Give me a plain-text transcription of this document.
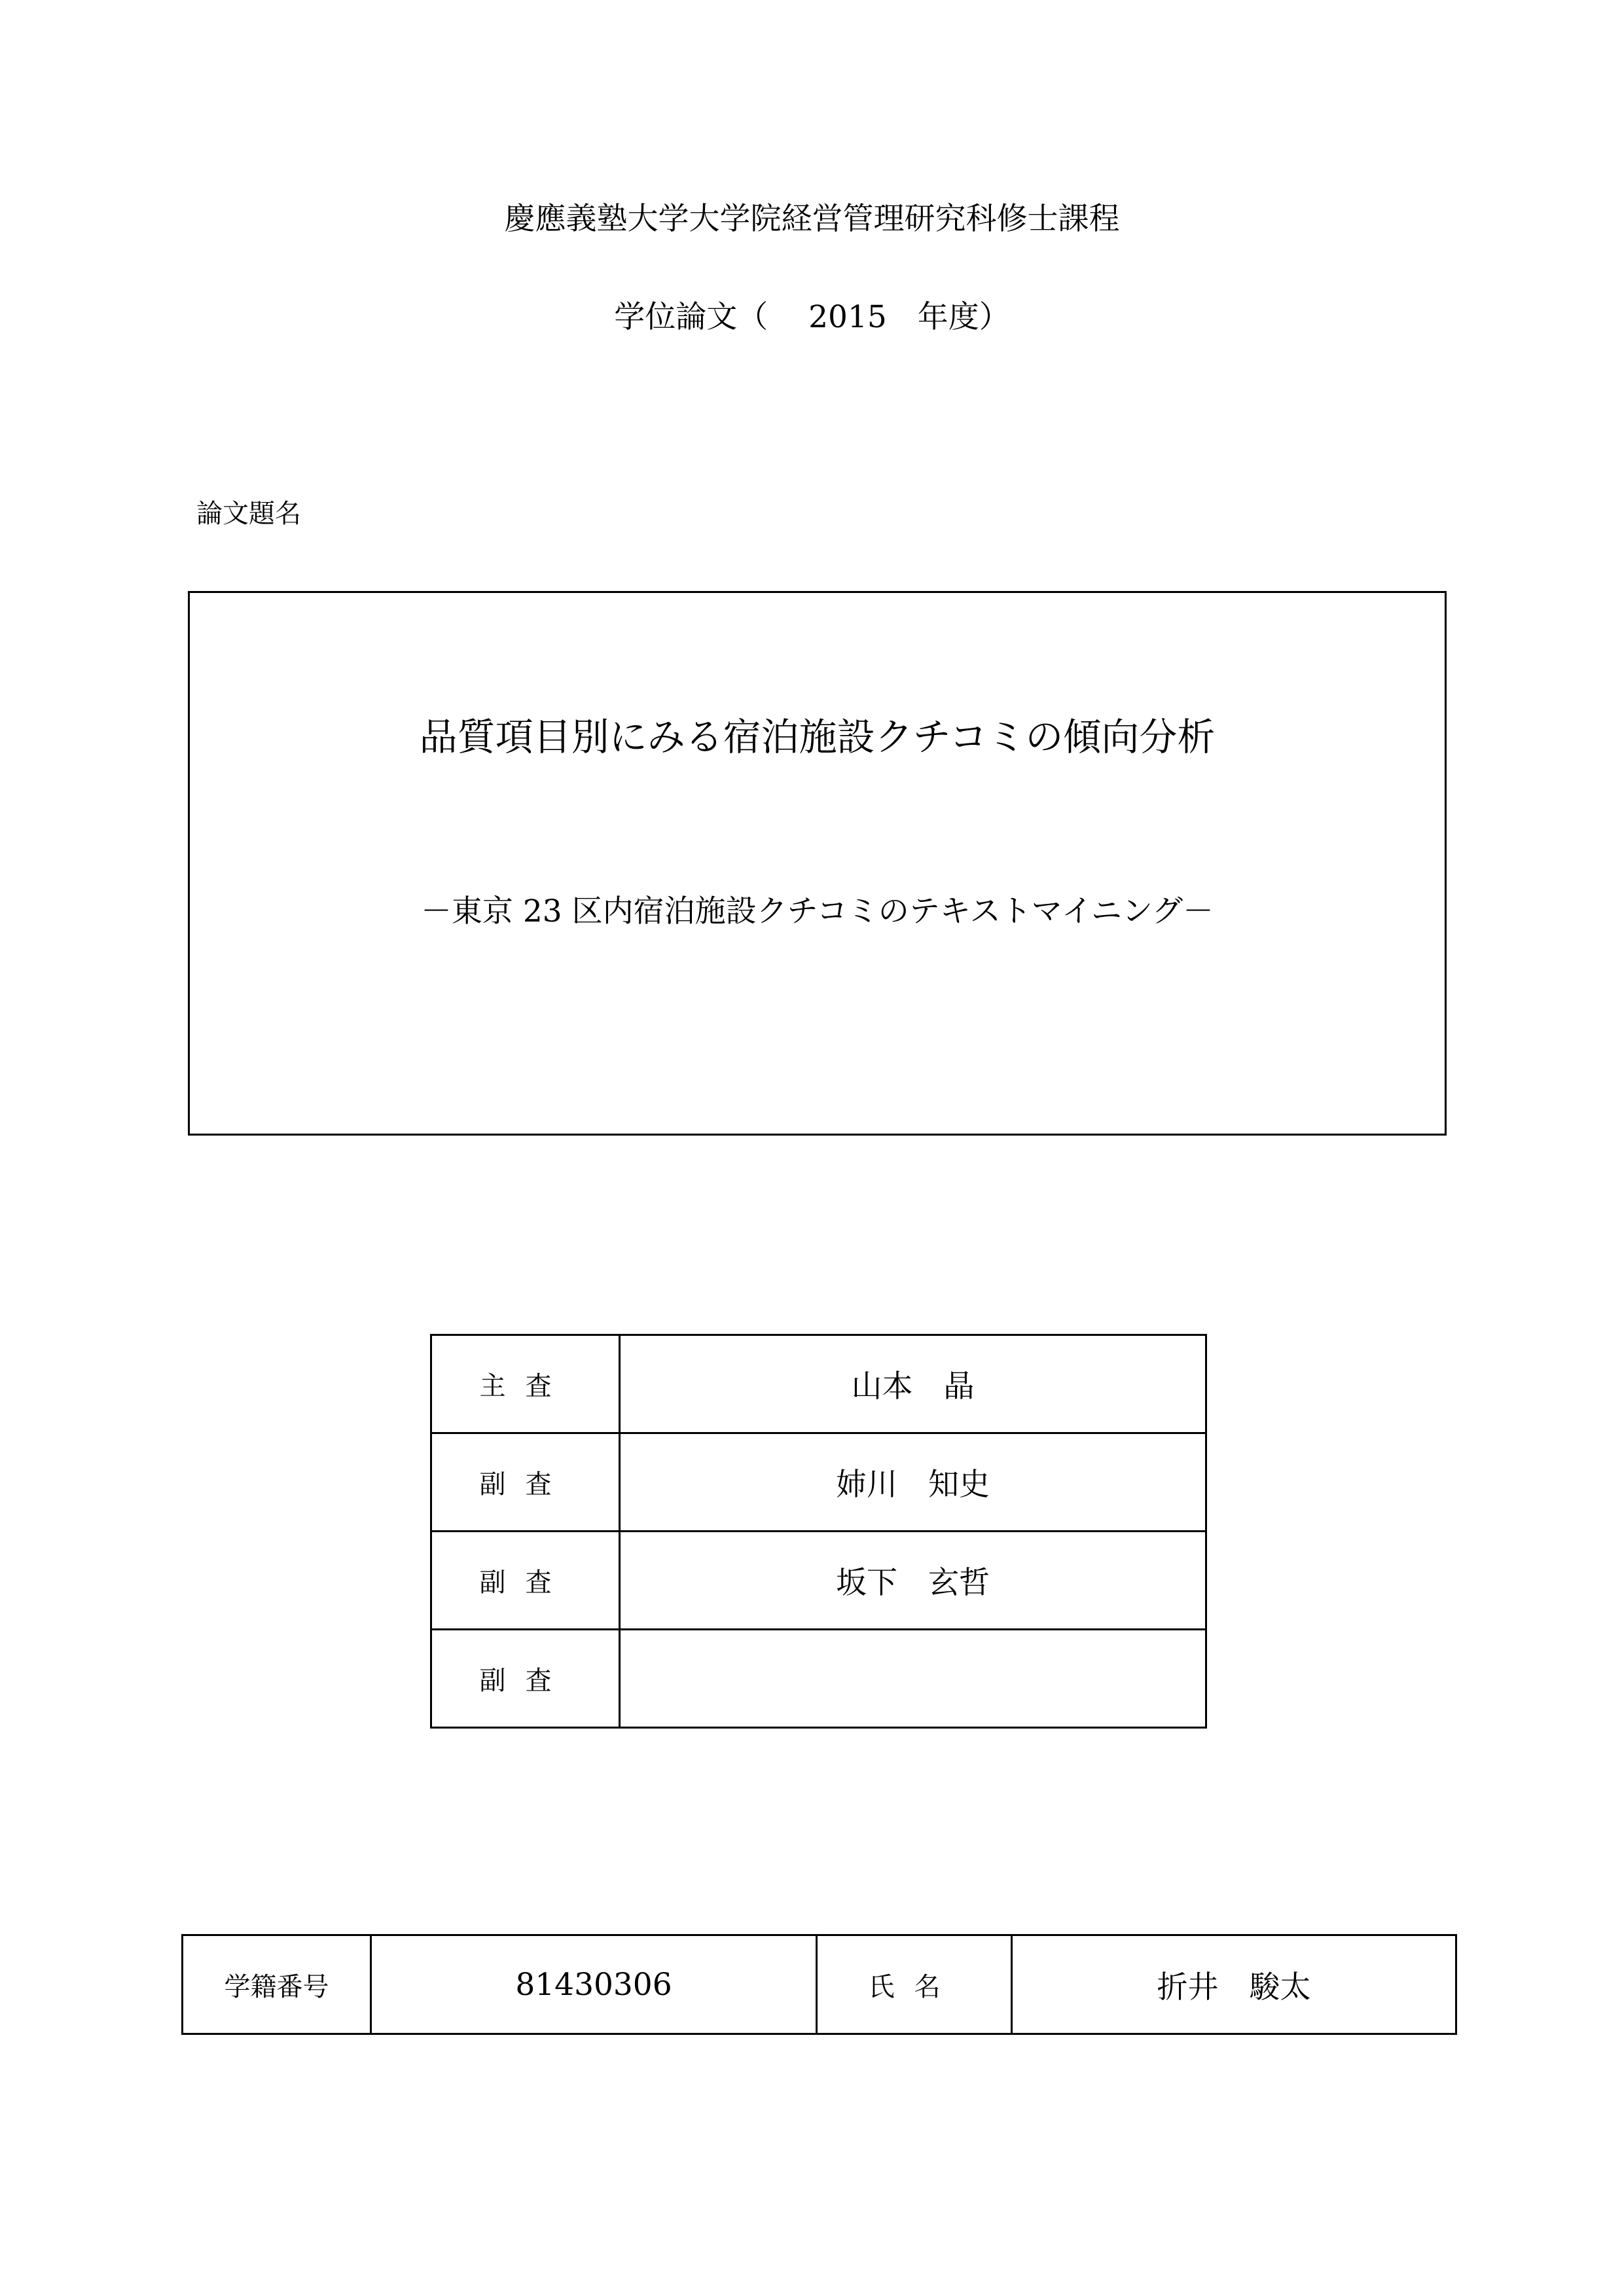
慶應義塾大学大学院経営管理研究科修士課程
学位論文（　 2015　年度）
論文題名
品質項目別にみる宿泊施設クチコミの傾向分析
－東京 23 区内宿泊施設クチコミのテキストマイニング－
主査	山本　晶
副査	姉川　知史
副査	坂下　玄哲
副査	
学籍番号	81430306	氏名	折井　駿太
